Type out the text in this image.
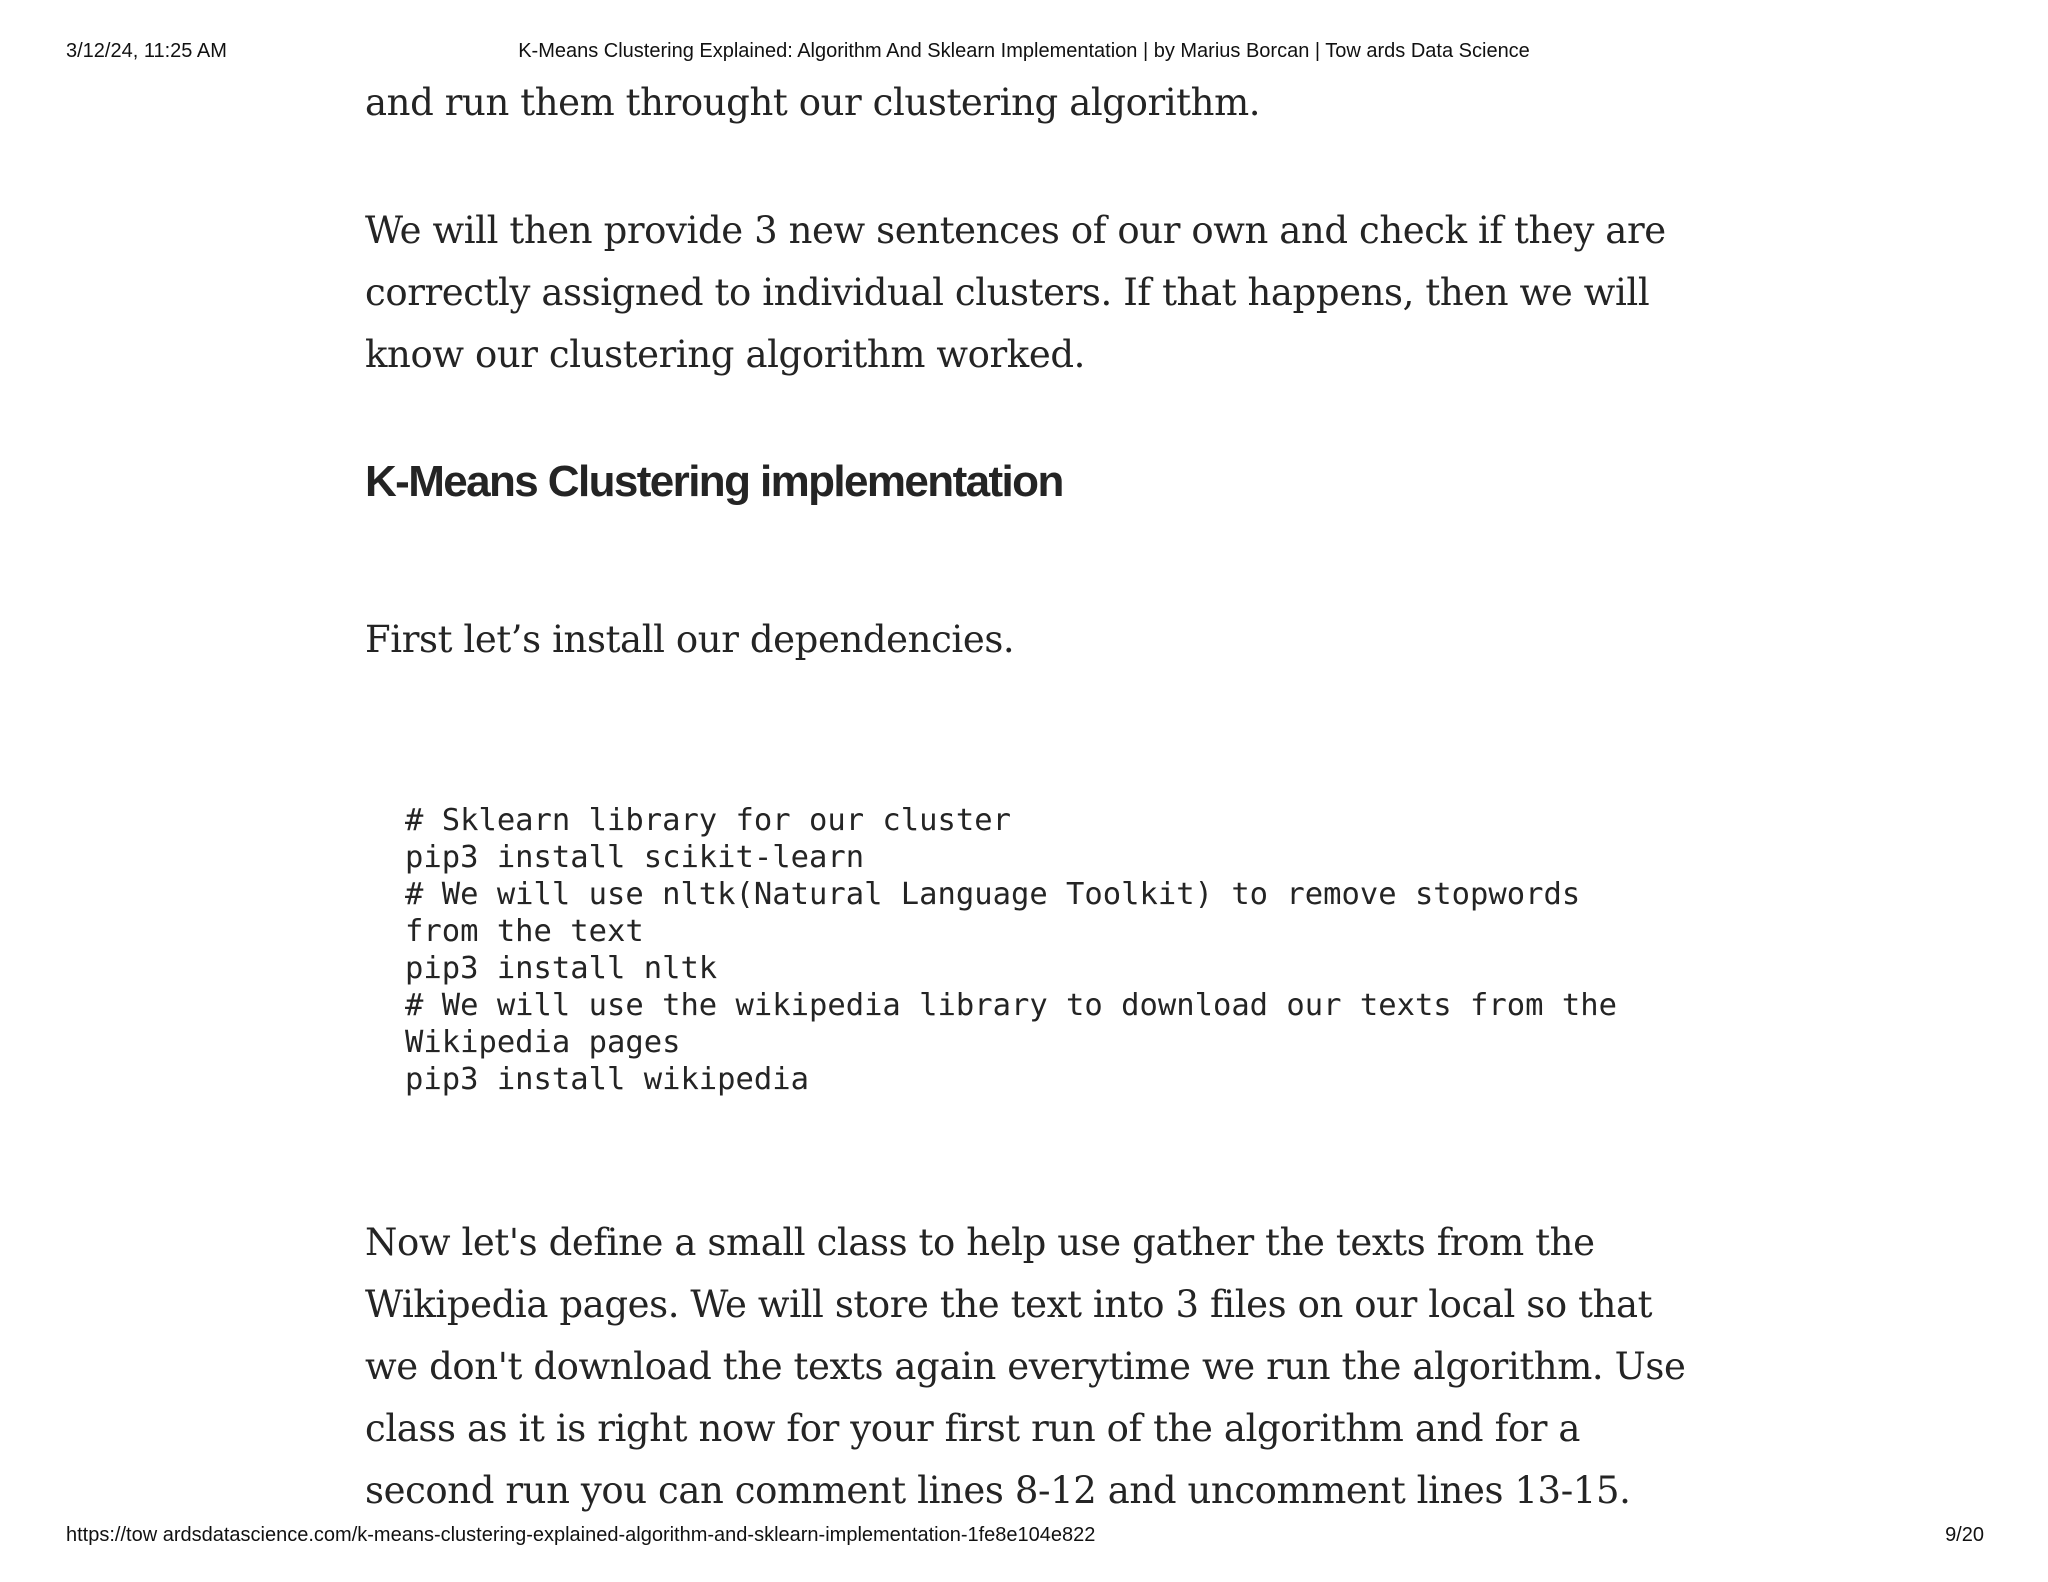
3/12/24, 11:25 AM	K-Means Clustering Explained: Algorithm And Sklearn Implementation | by Marius Borcan | Tow ards Data Science

and run them throught our clustering algorithm.

We will then provide 3 new sentences of our own and check if they are correctly assigned to individual clusters. If that happens, then we will know our clustering algorithm worked.

K-Means Clustering implementation

First let’s install our dependencies.

# Sklearn library for our cluster
pip3 install scikit-learn
# We will use nltk(Natural Language Toolkit) to remove stopwords
from the text
pip3 install nltk
# We will use the wikipedia library to download our texts from the
Wikipedia pages
pip3 install wikipedia

Now let's define a small class to help use gather the texts from the Wikipedia pages. We will store the text into 3 files on our local so that we don't download the texts again everytime we run the algorithm. Use class as it is right now for your first run of the algorithm and for a second run you can comment lines 8-12 and uncomment lines 13-15.

https://tow ardsdatascience.com/k-means-clustering-explained-algorithm-and-sklearn-implementation-1fe8e104e822	9/20
